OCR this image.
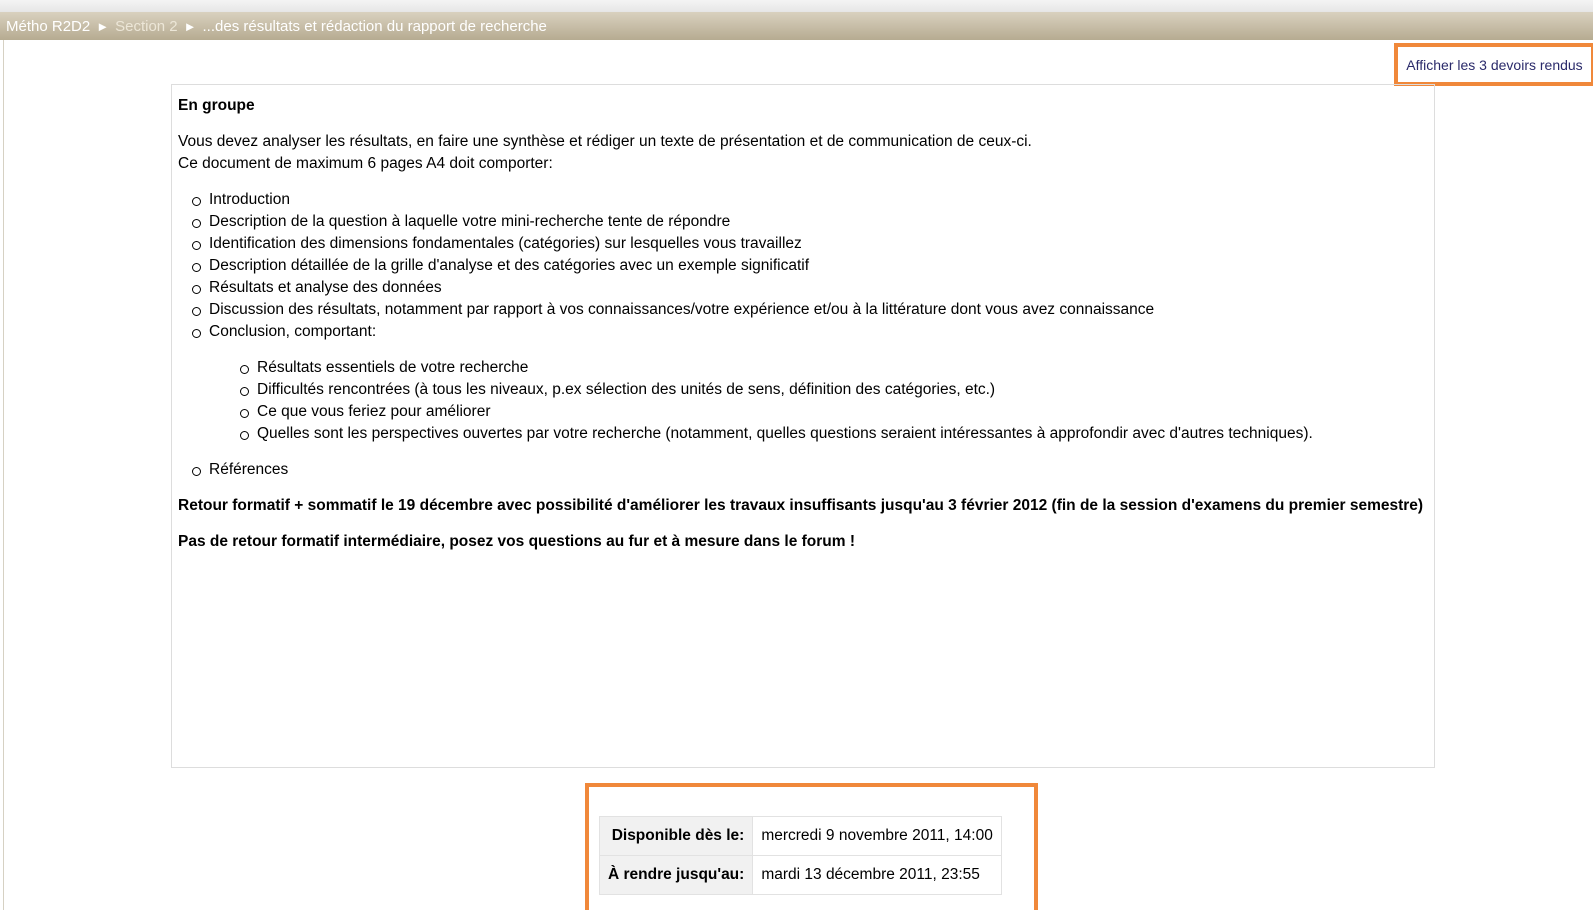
Métho R2D2 ► Section 2 ► ...des résultats et rédaction du rapport de recherche
Afficher les 3 devoirs rendus

En groupe

Vous devez analyser les résultats, en faire une synthèse et rédiger un texte de présentation et de communication de ceux-ci.

Ce document de maximum 6 pages A4 doit comporter:

Introduction
Description de la question à laquelle votre mini-recherche tente de répondre
Identification des dimensions fondamentales (catégories) sur lesquelles vous travaillez
Description détaillée de la grille d'analyse et des catégories avec un exemple significatif
Résultats et analyse des données
Discussion des résultats, notamment par rapport à vos connaissances/votre expérience et/ou à la littérature dont vous avez connaissance
Conclusion, comportant:
Résultats essentiels de votre recherche
Difficultés rencontrées (à tous les niveaux, p.ex sélection des unités de sens, définition des catégories, etc.)
Ce que vous feriez pour améliorer
Quelles sont les perspectives ouvertes par votre recherche (notamment, quelles questions seraient intéressantes à approfondir avec d'autres techniques).
Références

Retour formatif + sommatif le 19 décembre avec possibilité d'améliorer les travaux insuffisants jusqu'au 3 février 2012 (fin de la session d'examens du premier semestre)

Pas de retour formatif intermédiaire, posez vos questions au fur et à mesure dans le forum !

Disponible dès le:	mercredi 9 novembre 2011, 14:00
À rendre jusqu'au:	mardi 13 décembre 2011, 23:55
